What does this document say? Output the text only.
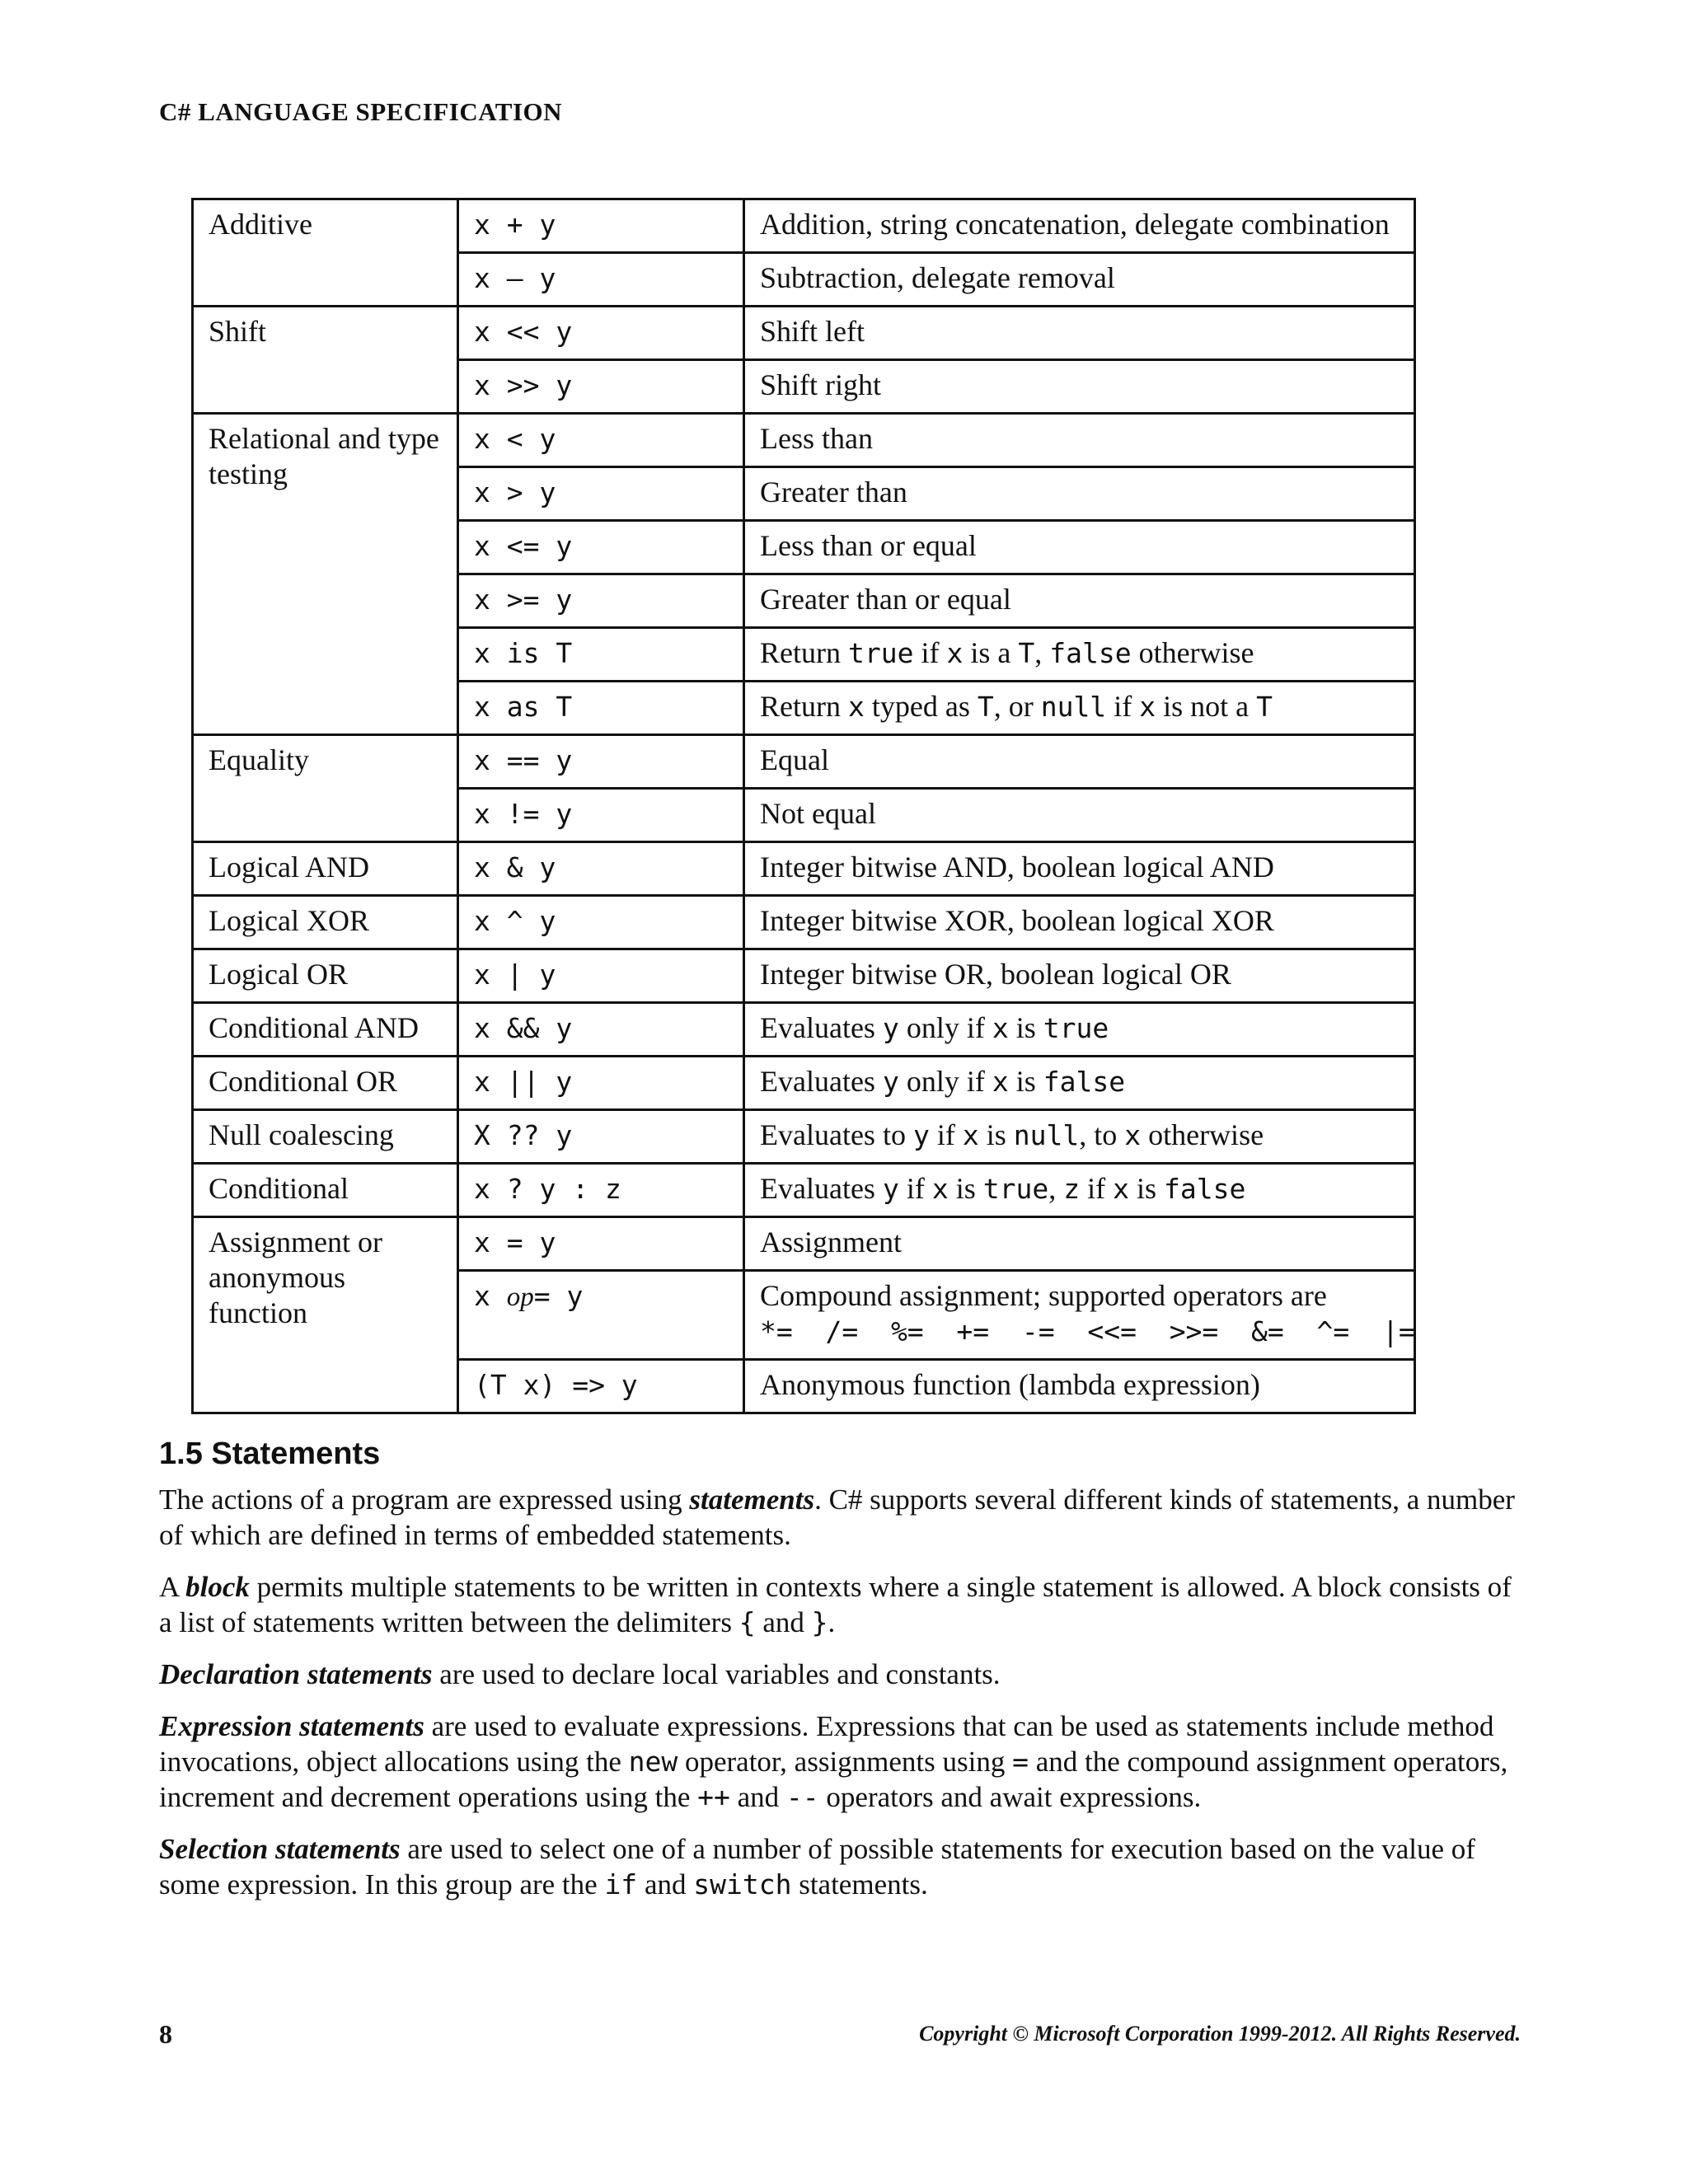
C# LANGUAGE SPECIFICATION
Additive	x + y	Addition, string concatenation, delegate combination
	x – y	Subtraction, delegate removal
Shift	x << y	Shift left
	x >> y	Shift right
Relational and type testing	x < y	Less than
	x > y	Greater than
	x <= y	Less than or equal
	x >= y	Greater than or equal
	x is T	Return true if x is a T, false otherwise
	x as T	Return x typed as T, or null if x is not a T
Equality	x == y	Equal
	x != y	Not equal
Logical AND	x & y	Integer bitwise AND, boolean logical AND
Logical XOR	x ^ y	Integer bitwise XOR, boolean logical XOR
Logical OR	x | y	Integer bitwise OR, boolean logical OR
Conditional AND	x && y	Evaluates y only if x is true
Conditional OR	x || y	Evaluates y only if x is false
Null coalescing	X ?? y	Evaluates to y if x is null, to x otherwise
Conditional	x ? y : z	Evaluates y if x is true, z if x is false
Assignment or anonymous function	x = y	Assignment
	x op= y	Compound assignment; supported operators are
*=  /=  %=  +=  -=  <<=  >>=  &=  ^=  |=

	(T x) => y	Anonymous function (lambda expression)
1.5 Statements

The actions of a program are expressed using statements. C# supports several different kinds of statements, a number of which are defined in terms of embedded statements.

A block permits multiple statements to be written in contexts where a single statement is allowed. A block consists of a list of statements written between the delimiters { and }.

Declaration statements are used to declare local variables and constants.

Expression statements are used to evaluate expressions. Expressions that can be used as statements include method invocations, object allocations using the new operator, assignments using = and the compound assignment operators, increment and decrement operations using the ++ and -- operators and await expressions.

Selection statements are used to select one of a number of possible statements for execution based on the value of some expression. In this group are the if and switch statements.

8	Copyright © Microsoft Corporation 1999-2012. All Rights Reserved.
